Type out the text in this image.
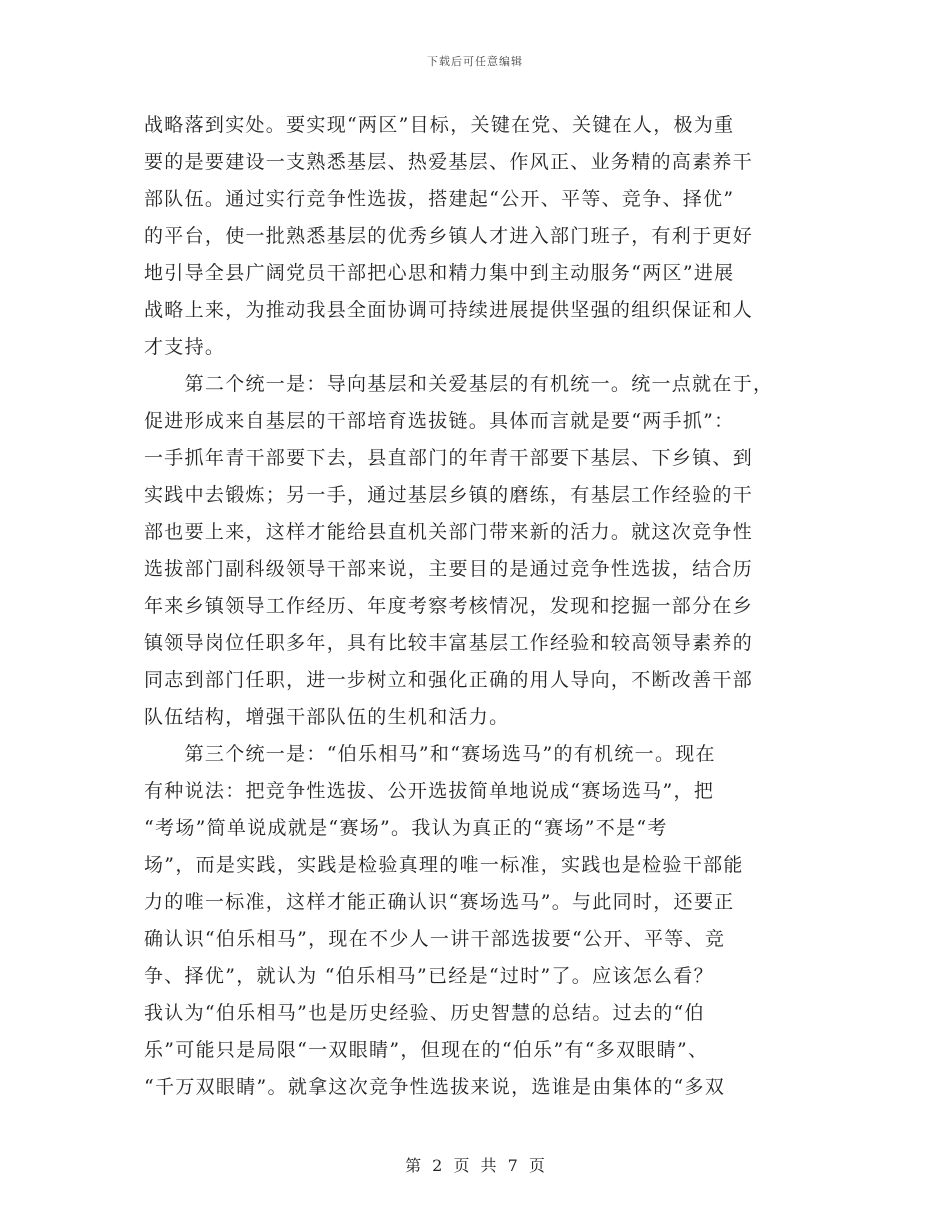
下载后可任意编辑
战略落到实处。要实现“两区”目标，关键在党、关键在人，极为重
要的是要建设一支熟悉基层、热爱基层、作风正、业务精的高素养干
部队伍。通过实行竞争性选拔，搭建起“公开、平等、竞争、择优”
的平台，使一批熟悉基层的优秀乡镇人才进入部门班子，有利于更好
地引导全县广阔党员干部把心思和精力集中到主动服务“两区”进展
战略上来，为推动我县全面协调可持续进展提供坚强的组织保证和人
才支持。
　　第二个统一是：导向基层和关爱基层的有机统一。统一点就在于，
促进形成来自基层的干部培育选拔链。具体而言就是要“两手抓”：
一手抓年青干部要下去，县直部门的年青干部要下基层、下乡镇、到
实践中去锻炼；另一手，通过基层乡镇的磨练，有基层工作经验的干
部也要上来，这样才能给县直机关部门带来新的活力。就这次竞争性
选拔部门副科级领导干部来说，主要目的是通过竞争性选拔，结合历
年来乡镇领导工作经历、年度考察考核情况，发现和挖掘一部分在乡
镇领导岗位任职多年，具有比较丰富基层工作经验和较高领导素养的
同志到部门任职，进一步树立和强化正确的用人导向，不断改善干部
队伍结构，增强干部队伍的生机和活力。
　　第三个统一是：“伯乐相马”和“赛场选马”的有机统一。现在
有种说法：把竞争性选拔、公开选拔简单地说成“赛场选马”，把
“考场”简单说成就是“赛场”。我认为真正的“赛场”不是“考
场”，而是实践，实践是检验真理的唯一标准，实践也是检验干部能
力的唯一标准，这样才能正确认识“赛场选马”。与此同时，还要正
确认识“伯乐相马”，现在不少人一讲干部选拔要“公开、平等、竞
争、择优”，就认为 “伯乐相马”已经是“过时”了。应该怎么看？
我认为“伯乐相马”也是历史经验、历史智慧的总结。过去的“伯
乐”可能只是局限“一双眼睛”，但现在的“伯乐”有“多双眼睛”、
“千万双眼睛”。就拿这次竞争性选拔来说，选谁是由集体的“多双
第 2 页 共 7 页
